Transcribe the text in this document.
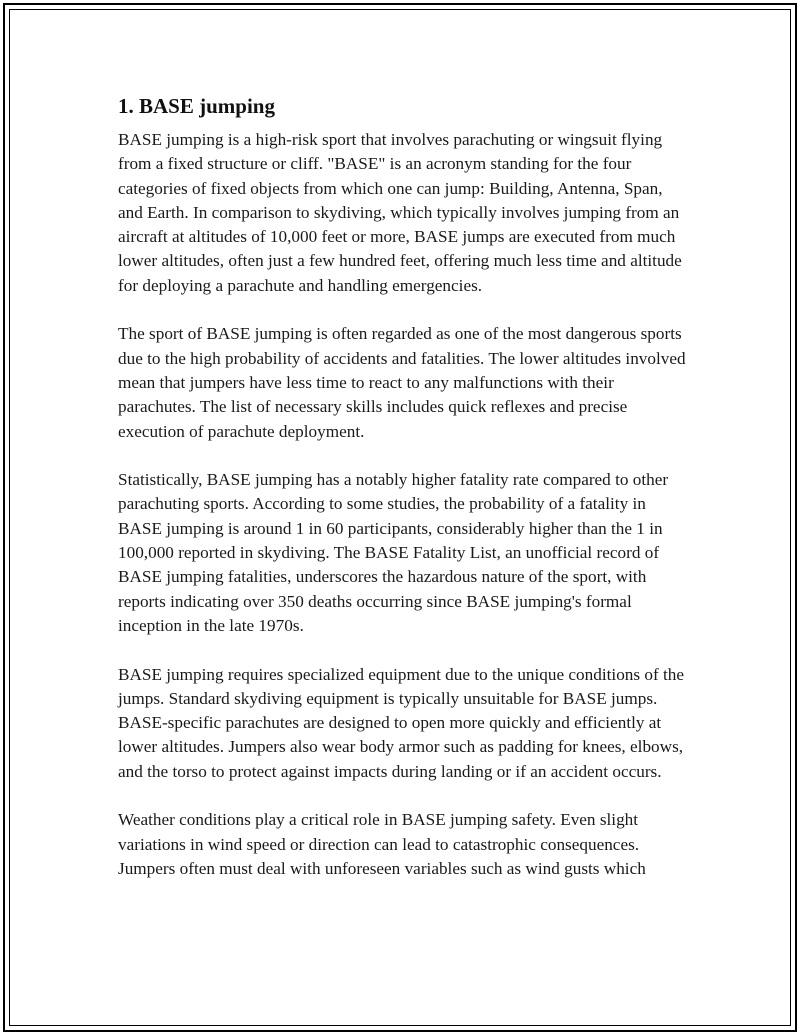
1. BASE jumping

BASE jumping is a high-risk sport that involves parachuting or wingsuit flying from a fixed structure or cliff. "BASE" is an acronym standing for the four categories of fixed objects from which one can jump: Building, Antenna, Span, and Earth. In comparison to skydiving, which typically involves jumping from an aircraft at altitudes of 10,000 feet or more, BASE jumps are executed from much lower altitudes, often just a few hundred feet, offering much less time and altitude for deploying a parachute and handling emergencies.

The sport of BASE jumping is often regarded as one of the most dangerous sports due to the high probability of accidents and fatalities. The lower altitudes involved mean that jumpers have less time to react to any malfunctions with their parachutes. The list of necessary skills includes quick reflexes and precise execution of parachute deployment.

Statistically, BASE jumping has a notably higher fatality rate compared to other parachuting sports. According to some studies, the probability of a fatality in BASE jumping is around 1 in 60 participants, considerably higher than the 1 in 100,000 reported in skydiving. The BASE Fatality List, an unofficial record of BASE jumping fatalities, underscores the hazardous nature of the sport, with reports indicating over 350 deaths occurring since BASE jumping's formal inception in the late 1970s.

BASE jumping requires specialized equipment due to the unique conditions of the jumps. Standard skydiving equipment is typically unsuitable for BASE jumps. BASE-specific parachutes are designed to open more quickly and efficiently at lower altitudes. Jumpers also wear body armor such as padding for knees, elbows, and the torso to protect against impacts during landing or if an accident occurs.

Weather conditions play a critical role in BASE jumping safety. Even slight variations in wind speed or direction can lead to catastrophic consequences. Jumpers often must deal with unforeseen variables such as wind gusts which
